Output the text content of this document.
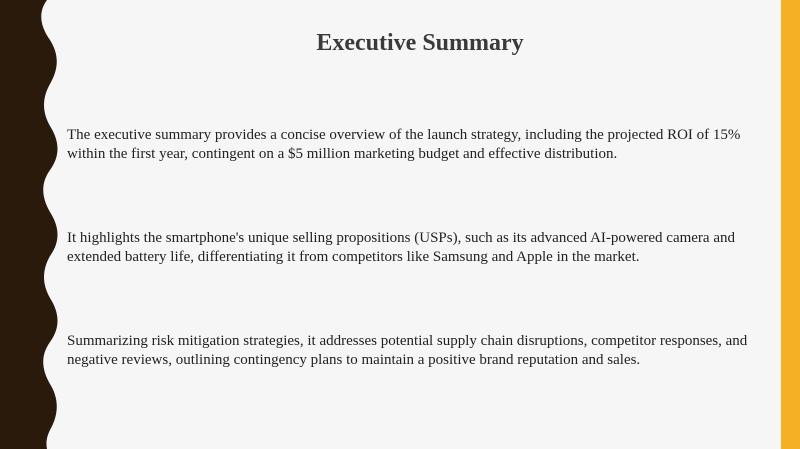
Executive Summary

The executive summary provides a concise overview of the launch strategy, including the projected ROI of 15% within the first year, contingent on a $5 million marketing budget and effective distribution.

It highlights the smartphone's unique selling propositions (USPs), such as its advanced AI-powered camera and extended battery life, differentiating it from competitors like Samsung and Apple in the market.

Summarizing risk mitigation strategies, it addresses potential supply chain disruptions, competitor responses, and negative reviews, outlining contingency plans to maintain a positive brand reputation and sales.
